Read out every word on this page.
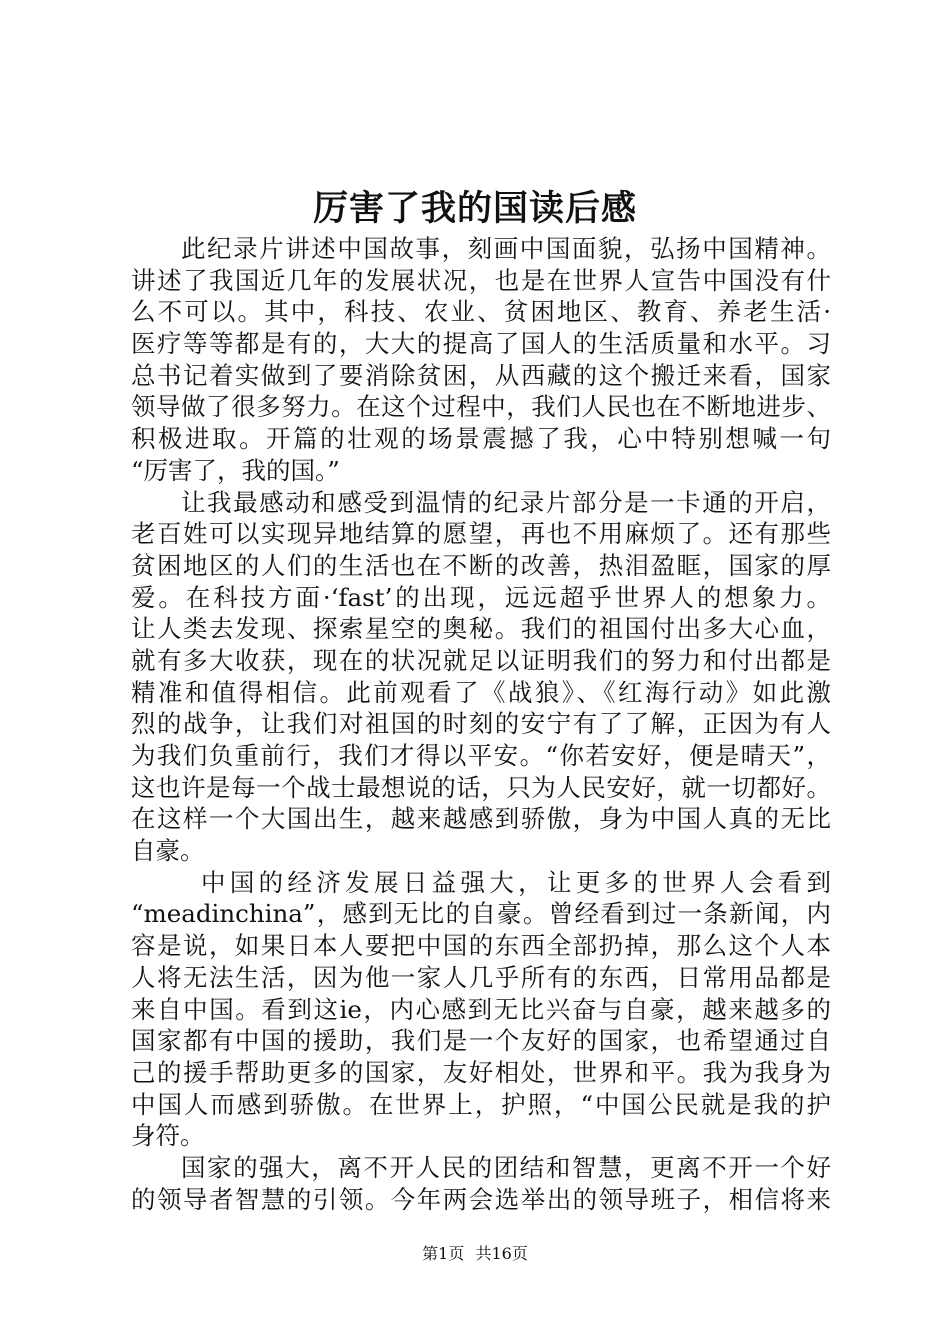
厉害了我的国读后感
此纪录片讲述中国故事，刻画中国面貌，弘扬中国精神。
讲述了我国近几年的发展状况，也是在世界人宣告中国没有什
么不可以。其中，科技、农业、贫困地区、教育、养老生活·
医疗等等都是有的，大大的提高了国人的生活质量和水平。习
总书记着实做到了要消除贫困，从西藏的这个搬迁来看，国家
领导做了很多努力。在这个过程中，我们人民也在不断地进步、
积极进取。开篇的壮观的场景震撼了我，心中特别想喊一句
“厉害了，我的国。”
让我最感动和感受到温情的纪录片部分是一卡通的开启，
老百姓可以实现异地结算的愿望，再也不用麻烦了。还有那些
贫困地区的人们的生活也在不断的改善，热泪盈眶，国家的厚
爱。在科技方面·‘fast’的出现，远远超乎世界人的想象力。
让人类去发现、探索星空的奥秘。我们的祖国付出多大心血，
就有多大收获，现在的状况就足以证明我们的努力和付出都是
精准和值得相信。此前观看了《战狼》、《红海行动》如此激
烈的战争，让我们对祖国的时刻的安宁有了了解，正因为有人
为我们负重前行，我们才得以平安。“你若安好，便是晴天”，
这也许是每一个战士最想说的话，只为人民安好，就一切都好。
在这样一个大国出生，越来越感到骄傲，身为中国人真的无比
自豪。
中国的经济发展日益强大，让更多的世界人会看到
“meadinchina”，感到无比的自豪。曾经看到过一条新闻，内
容是说，如果日本人要把中国的东西全部扔掉，那么这个人本
人将无法生活，因为他一家人几乎所有的东西，日常用品都是
来自中国。看到这ie，内心感到无比兴奋与自豪，越来越多的
国家都有中国的援助，我们是一个友好的国家，也希望通过自
己的援手帮助更多的国家，友好相处，世界和平。我为我身为
中国人而感到骄傲。在世界上，护照，“中国公民就是我的护
身符。
国家的强大，离不开人民的团结和智慧，更离不开一个好
的领导者智慧的引领。今年两会选举出的领导班子，相信将来
第1页 共16页
